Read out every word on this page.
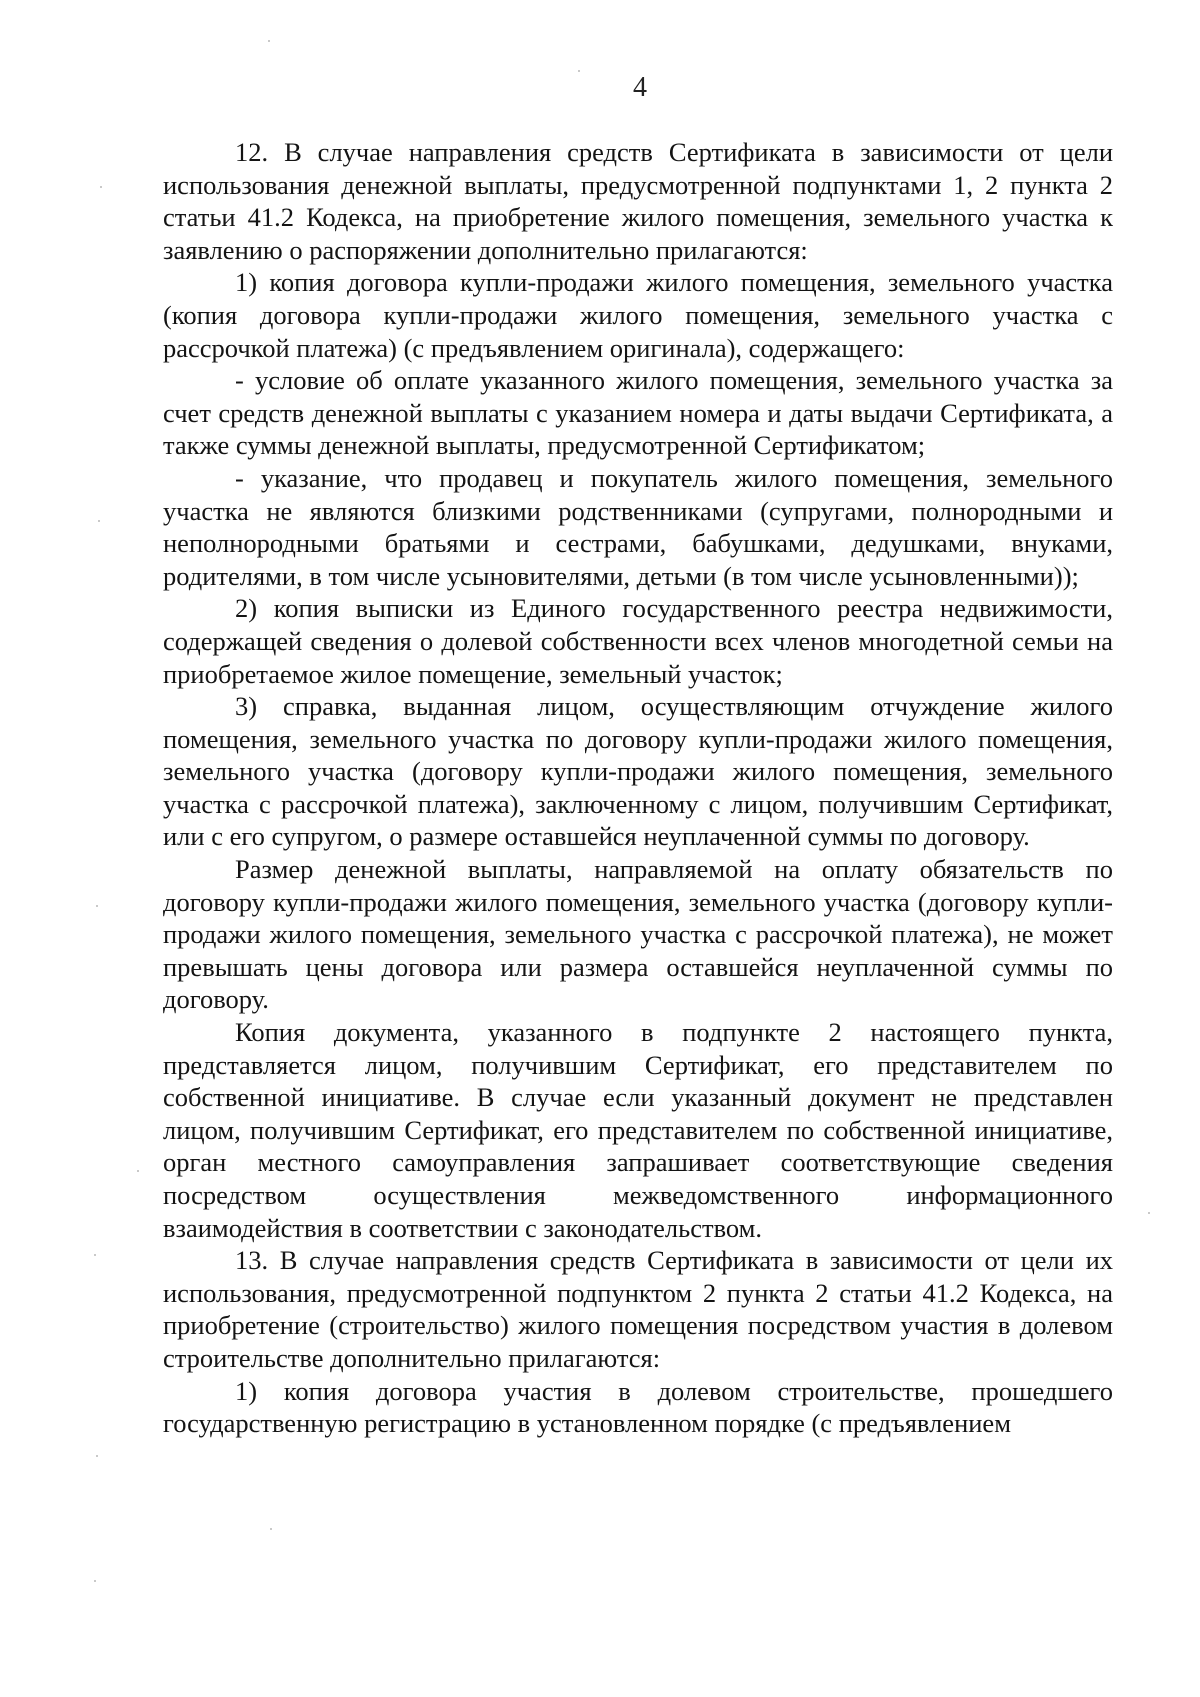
4

12. В случае направления средств Сертификата в зависимости от цели использования денежной выплаты, предусмотренной подпунктами 1, 2 пункта 2 статьи 41.2 Кодекса, на приобретение жилого помещения, земельного участка к заявлению о распоряжении дополнительно прилагаются:

1) копия договора купли-продажи жилого помещения, земельного участка (копия договора купли-продажи жилого помещения, земельного участка с рассрочкой платежа) (с предъявлением оригинала), содержащего:

- условие об оплате указанного жилого помещения, земельного участка за счет средств денежной выплаты с указанием номера и даты выдачи Сертификата, а также суммы денежной выплаты, предусмотренной Сертификатом;

- указание, что продавец и покупатель жилого помещения, земельного участка не являются близкими родственниками (супругами, полнородными и неполнородными братьями и сестрами, бабушками, дедушками, внуками, родителями, в том числе усыновителями, детьми (в том числе усыновленными));

2) копия выписки из Единого государственного реестра недвижимости, содержащей сведения о долевой собственности всех членов многодетной семьи на приобретаемое жилое помещение, земельный участок;

3) справка, выданная лицом, осуществляющим отчуждение жилого помещения, земельного участка по договору купли-продажи жилого помещения, земельного участка (договору купли-продажи жилого помещения, земельного участка с рассрочкой платежа), заключенному с лицом, получившим Сертификат, или с его супругом, о размере оставшейся неуплаченной суммы по договору.

Размер денежной выплаты, направляемой на оплату обязательств по договору купли-продажи жилого помещения, земельного участка (договору купли-продажи жилого помещения, земельного участка с рассрочкой платежа), не может превышать цены договора или размера оставшейся неуплаченной суммы по договору.

Копия документа, указанного в подпункте 2 настоящего пункта, представляется лицом, получившим Сертификат, его представителем по собственной инициативе. В случае если указанный документ не представлен лицом, получившим Сертификат, его представителем по собственной инициативе, орган местного самоуправления запрашивает соответствующие сведения посредством осуществления межведомственного информационного взаимодействия в соответствии с законодательством.

13. В случае направления средств Сертификата в зависимости от цели их использования, предусмотренной подпунктом 2 пункта 2 статьи 41.2 Кодекса, на приобретение (строительство) жилого помещения посредством участия в долевом строительстве дополнительно прилагаются:

1) копия договора участия в долевом строительстве, прошедшего государственную регистрацию в установленном порядке (с предъявлением
